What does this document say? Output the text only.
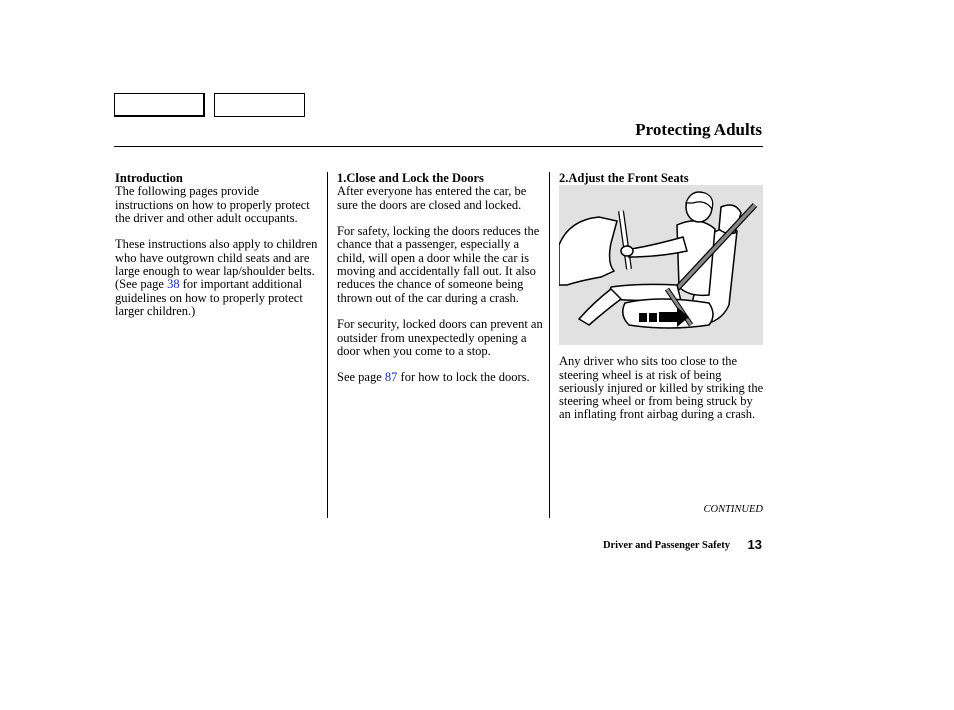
Protecting Adults
Introduction

The following pages provide instructions on how to properly protect the driver and other adult occupants.

These instructions also apply to children who have outgrown child seats and are large enough to wear lap/shoulder belts. (See page 38 for important additional guidelines on how to properly protect larger children.)

1.Close and Lock the Doors

After everyone has entered the car, be sure the doors are closed and locked.

For safety, locking the doors reduces the chance that a passenger, especially a child, will open a door while the car is moving and accidentally fall out. It also reduces the chance of someone being thrown out of the car during a crash.

For security, locked doors can prevent an outsider from unexpectedly opening a door when you come to a stop.

See page 87 for how to lock the doors.

2.Adjust the Front Seats

Any driver who sits too close to the steering wheel is at risk of being seriously injured or killed by striking the steering wheel or from being struck by an inflating front airbag during a crash.

CONTINUED
Driver and Passenger Safety 13
